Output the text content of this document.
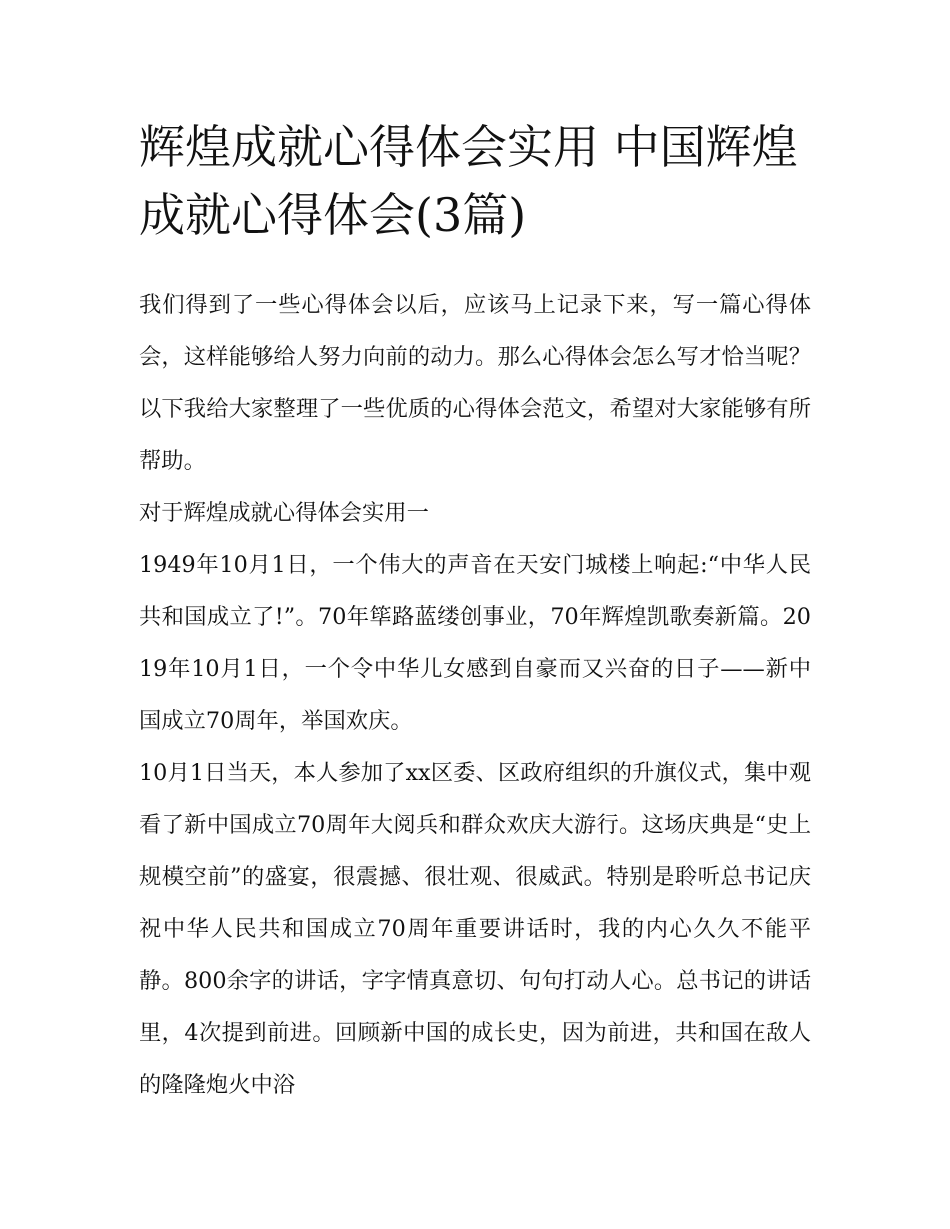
辉煌成就心得体会实用 中国辉煌成就心得体会(3篇)

我们得到了一些心得体会以后，应该马上记录下来，写一篇心得体会，这样能够给人努力向前的动力。那么心得体会怎么写才恰当呢？以下我给大家整理了一些优质的心得体会范文，希望对大家能够有所帮助。

对于辉煌成就心得体会实用一

1949年10月1日，一个伟大的声音在天安门城楼上响起:“中华人民共和国成立了!”。70年筚路蓝缕创事业，70年辉煌凯歌奏新篇。2019年10月1日，一个令中华儿女感到自豪而又兴奋的日子——新中国成立70周年，举国欢庆。

10月1日当天，本人参加了xx区委、区政府组织的升旗仪式，集中观看了新中国成立70周年大阅兵和群众欢庆大游行。这场庆典是“史上规模空前”的盛宴，很震撼、很壮观、很威武。特别是聆听总书记庆祝中华人民共和国成立70周年重要讲话时，我的内心久久不能平静。800余字的讲话，字字情真意切、句句打动人心。总书记的讲话里，4次提到前进。回顾新中国的成长史，因为前进，共和国在敌人的隆隆炮火中浴
